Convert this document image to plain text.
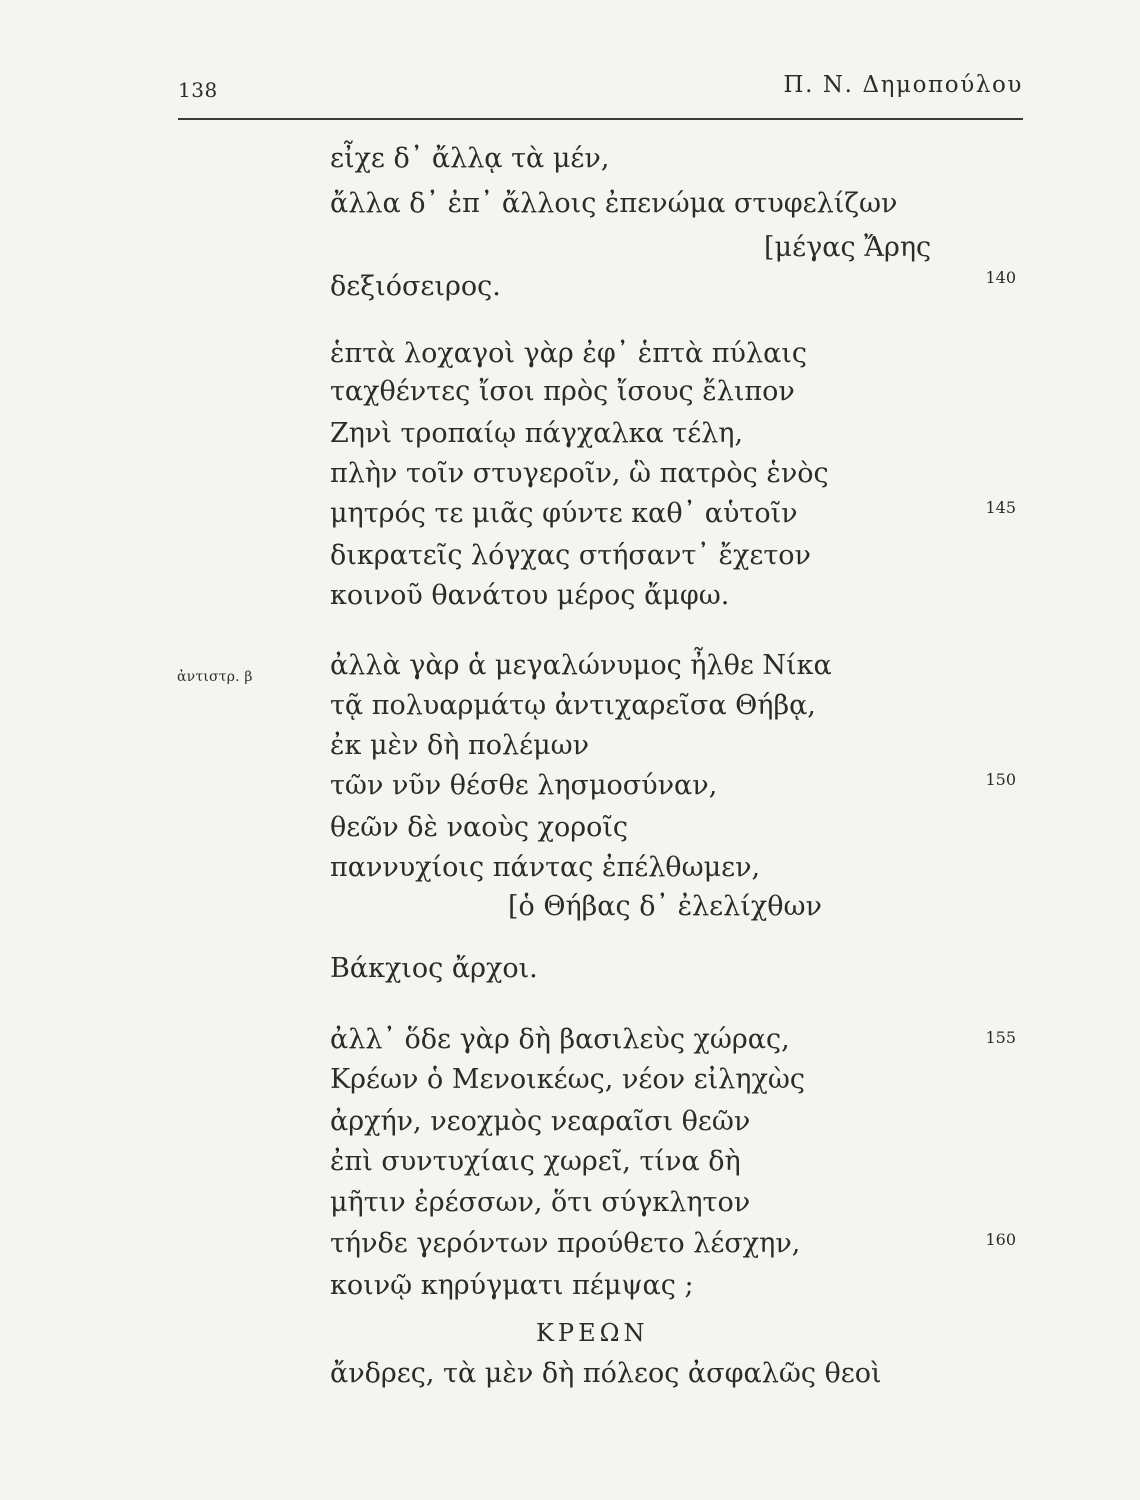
138	Π. Ν. Δημοπούλου
εἶχε δ᾽ ἄλλᾳ τὰ μέν,
ἄλλα δ᾽ ἐπ᾽ ἄλλοις ἐπενώμα στυφελίζων
[μέγας Ἄρης
δεξιόσειρος.	140
ἑπτὰ λοχαγοὶ γὰρ ἐφ᾽ ἑπτὰ πύλαις
ταχθέντες ἴσοι πρὸς ἴσους ἔλιπον
Ζηνὶ τροπαίῳ πάγχαλκα τέλη,
πλὴν τοῖν στυγεροῖν, ὣ πατρὸς ἑνὸς
μητρός τε μιᾶς φύντε καθ᾽ αὑτοῖν	145
δικρατεῖς λόγχας στήσαντ᾽ ἔχετον
κοινοῦ θανάτου μέρος ἄμφω.
ἀντιστρ. β	ἀλλὰ γὰρ ἁ μεγαλώνυμος ἦλθε Νίκα
τᾷ πολυαρμάτῳ ἀντιχαρεῖσα Θήβᾳ,
ἐκ μὲν δὴ πολέμων
τῶν νῦν θέσθε λησμοσύναν,	150
θεῶν δὲ ναοὺς χοροῖς
παννυχίοις πάντας ἐπέλθωμεν,
[ὁ Θήβας δ᾽ ἐλελίχθων
Βάκχιος ἄρχοι.
ἀλλ᾽ ὅδε γὰρ δὴ βασιλεὺς χώρας,	155
Κρέων ὁ Μενοικέως, νέον εἰληχὼς
ἀρχήν, νεοχμὸς νεαραῖσι θεῶν
ἐπὶ συντυχίαις χωρεῖ, τίνα δὴ
μῆτιν ἐρέσσων, ὅτι σύγκλητον
τήνδε γερόντων προύθετο λέσχην,	160
κοινῷ κηρύγματι πέμψας ;
ΚΡΕΩΝ
ἄνδρες, τὰ μὲν δὴ πόλεος ἀσφαλῶς θεοὶ
